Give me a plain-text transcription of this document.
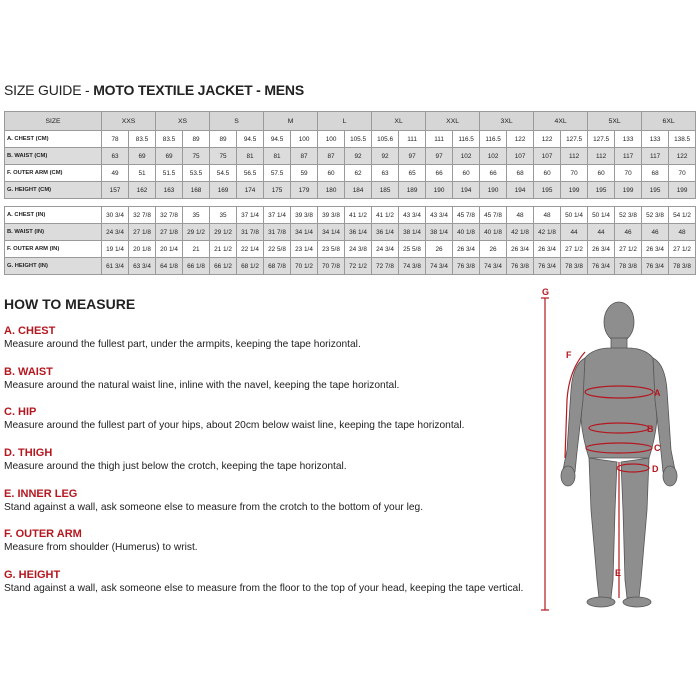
SIZE GUIDE - MOTO TEXTILE JACKET - MENS
SIZE	XXS		XS		S		M		L		XL		XXL		3XL		4XL		5XL		6XL	
A. CHEST (CM)	78	83.5	83.5	89	89	94.5	94.5	100	100	105.5	105.6	111	111	116.5	116.5	122	122	127.5	127.5	133	133	138.5
B. WAIST (CM)	63	69	69	75	75	81	81	87	87	92	92	97	97	102	102	107	107	112	112	117	117	122
F. OUTER ARM (CM)	49	51	51.5	53.5	54.5	56.5	57.5	59	60	62	63	65	66	60	66	68	60	70	60	70	68	70
G. HEIGHT (CM)	157	162	163	168	169	174	175	179	180	184	185	189	190	194	190	194	195	199	195	199	195	199
A. CHEST (IN)	30 3/4	32 7/8	32 7/8	35	35	37 1/4	37 1/4	39 3/8	39 3/8	41 1/2	41 1/2	43 3/4	43 3/4	45 7/8	45 7/8	48	48	50 1/4	50 1/4	52 3/8	52 3/8	54 1/2
B. WAIST (IN)	24 3/4	27 1/8	27 1/8	29 1/2	29 1/2	31 7/8	31 7/8	34 1/4	34 1/4	36 1/4	36 1/4	38 1/4	38 1/4	40 1/8	40 1/8	42 1/8	42 1/8	44	44	46	46	48
F. OUTER ARM (IN)	19 1/4	20 1/8	20 1/4	21	21 1/2	22 1/4	22 5/8	23 1/4	23 5/8	24 3/8	24 3/4	25 5/8	26	26 3/4	26	26 3/4	26 3/4	27 1/2	26 3/4	27 1/2	26 3/4	27 1/2
G. HEIGHT (IN)	61 3/4	63 3/4	64 1/8	66 1/8	66 1/2	68 1/2	68 7/8	70 1/2	70 7/8	72 1/2	72 7/8	74 3/8	74 3/4	76 3/8	74 3/4	76 3/8	76 3/4	78 3/8	76 3/4	78 3/8	76 3/4	78 3/8
HOW TO MEASURE
A. CHEST
Measure around the fullest part, under the armpits, keeping the tape horizontal.
B. WAIST
Measure around the natural waist line, inline with the navel, keeping the tape horizontal.
C. HIP
Measure around the fullest part of your hips, about 20cm below waist line, keeping the tape horizontal.
D. THIGH
Measure around the thigh just below the crotch, keeping the tape horizontal.
E. INNER LEG
Stand against a wall, ask someone else to measure from the crotch to the bottom of your leg.
F. OUTER ARM
Measure from shoulder (Humerus) to wrist.
G. HEIGHT
Stand against a wall, ask someone else to measure from the floor to the top of your head, keeping the tape vertical.
A
B
C
D
E
F
G
